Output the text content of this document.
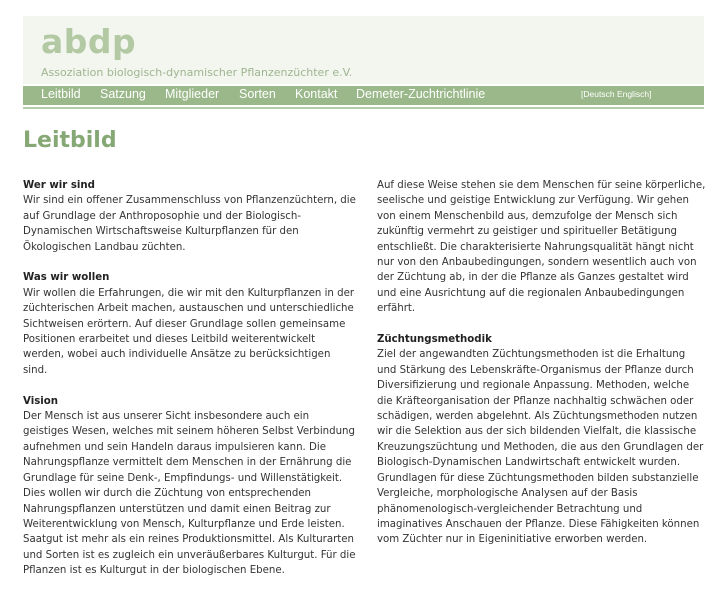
abdp
Assoziation biologisch-dynamischer Pflanzenzüchter e.V.
Leitbild Satzung Mitglieder Sorten Kontakt Demeter-Zuchtrichtlinie	[Deutsch Englisch]
Leitbild
Wer wir sind

Wir sind ein offener Zusammenschluss von Pflanzenzüchtern, die auf Grundlage der Anthroposophie und der Biologisch-Dynamischen Wirtschaftsweise Kulturpflanzen für den Ökologischen Landbau züchten.

Was wir wollen

Wir wollen die Erfahrungen, die wir mit den Kulturpflanzen in der züchterischen Arbeit machen, austauschen und unterschiedliche Sichtweisen erörtern. Auf dieser Grundlage sollen gemeinsame Positionen erarbeitet und dieses Leitbild weiterentwickelt werden, wobei auch individuelle Ansätze zu berücksichtigen sind.

Vision

Der Mensch ist aus unserer Sicht insbesondere auch ein geistiges Wesen, welches mit seinem höheren Selbst Verbindung aufnehmen und sein Handeln daraus impulsieren kann. Die Nahrungspflanze vermittelt dem Menschen in der Ernährung die Grundlage für seine Denk-, Empfindungs- und Willenstätigkeit. Dies wollen wir durch die Züchtung von entsprechenden Nahrungspflanzen unterstützen und damit einen Beitrag zur Weiterentwicklung von Mensch, Kulturpflanze und Erde leisten. Saatgut ist mehr als ein reines Produktionsmittel. Als Kulturarten und Sorten ist es zugleich ein unveräußerbares Kulturgut. Für die Pflanzen ist es Kulturgut in der biologischen Ebene.

Auf diese Weise stehen sie dem Menschen für seine körperliche, seelische und geistige Entwicklung zur Verfügung. Wir gehen von einem Menschenbild aus, demzufolge der Mensch sich zukünftig vermehrt zu geistiger und spiritueller Betätigung entschließt. Die charakterisierte Nahrungsqualität hängt nicht nur von den Anbaubedingungen, sondern wesentlich auch von der Züchtung ab, in der die Pflanze als Ganzes gestaltet wird und eine Ausrichtung auf die regionalen Anbaubedingungen erfährt.

Züchtungsmethodik

Ziel der angewandten Züchtungsmethoden ist die Erhaltung und Stärkung des Lebenskräfte-Organismus der Pflanze durch Diversifizierung und regionale Anpassung. Methoden, welche die Kräfteorganisation der Pflanze nachhaltig schwächen oder schädigen, werden abgelehnt. Als Züchtungsmethoden nutzen wir die Selektion aus der sich bildenden Vielfalt, die klassische Kreuzungszüchtung und Methoden, die aus den Grundlagen der Biologisch-Dynamischen Landwirtschaft entwickelt wurden. Grundlagen für diese Züchtungsmethoden bilden substanzielle Vergleiche, morphologische Analysen auf der Basis phänomenologisch-vergleichender Betrachtung und imaginatives Anschauen der Pflanze. Diese Fähigkeiten können vom Züchter nur in Eigeninitiative erworben werden.
